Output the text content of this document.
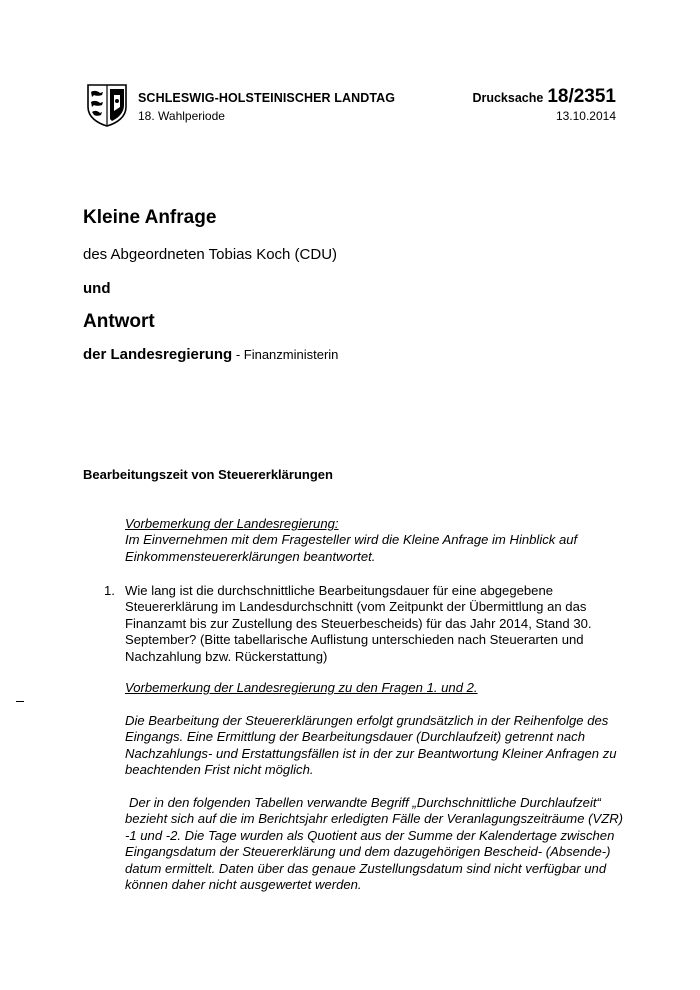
SCHLESWIG-HOLSTEINISCHER LANDTAG
18. Wahlperiode
Drucksache 18/2351
13.10.2014
Kleine Anfrage
des Abgeordneten Tobias Koch (CDU)
und
Antwort
der Landesregierung - Finanzministerin
Bearbeitungszeit von Steuererklärungen
Vorbemerkung der Landesregierung:
Im Einvernehmen mit dem Fragesteller wird die Kleine Anfrage im Hinblick auf Einkommensteuererklärungen beantwortet.
1. Wie lang ist die durchschnittliche Bearbeitungsdauer für eine abgegebene Steuererklärung im Landesdurchschnitt (vom Zeitpunkt der Übermittlung an das Finanzamt bis zur Zustellung des Steuerbescheids) für das Jahr 2014, Stand 30. September? (Bitte tabellarische Auflistung unterschieden nach Steuerarten und Nachzahlung bzw. Rückerstattung)
Vorbemerkung der Landesregierung zu den Fragen 1. und 2.
Die Bearbeitung der Steuererklärungen erfolgt grundsätzlich in der Reihenfolge des Eingangs. Eine Ermittlung der Bearbeitungsdauer (Durchlaufzeit) getrennt nach Nachzahlungs- und Erstattungsfällen ist in der zur Beantwortung Kleiner Anfragen zu beachtenden Frist nicht möglich.
Der in den folgenden Tabellen verwandte Begriff „Durchschnittliche Durchlaufzeit“ bezieht sich auf die im Berichtsjahr erledigten Fälle der Veranlagungszeiträume (VZR) -1 und -2. Die Tage wurden als Quotient aus der Summe der Kalendertage zwischen Eingangsdatum der Steuererklärung und dem dazugehörigen Bescheid- (Absende-) datum ermittelt. Daten über das genaue Zustellungsdatum sind nicht verfügbar und können daher nicht ausgewertet werden.
